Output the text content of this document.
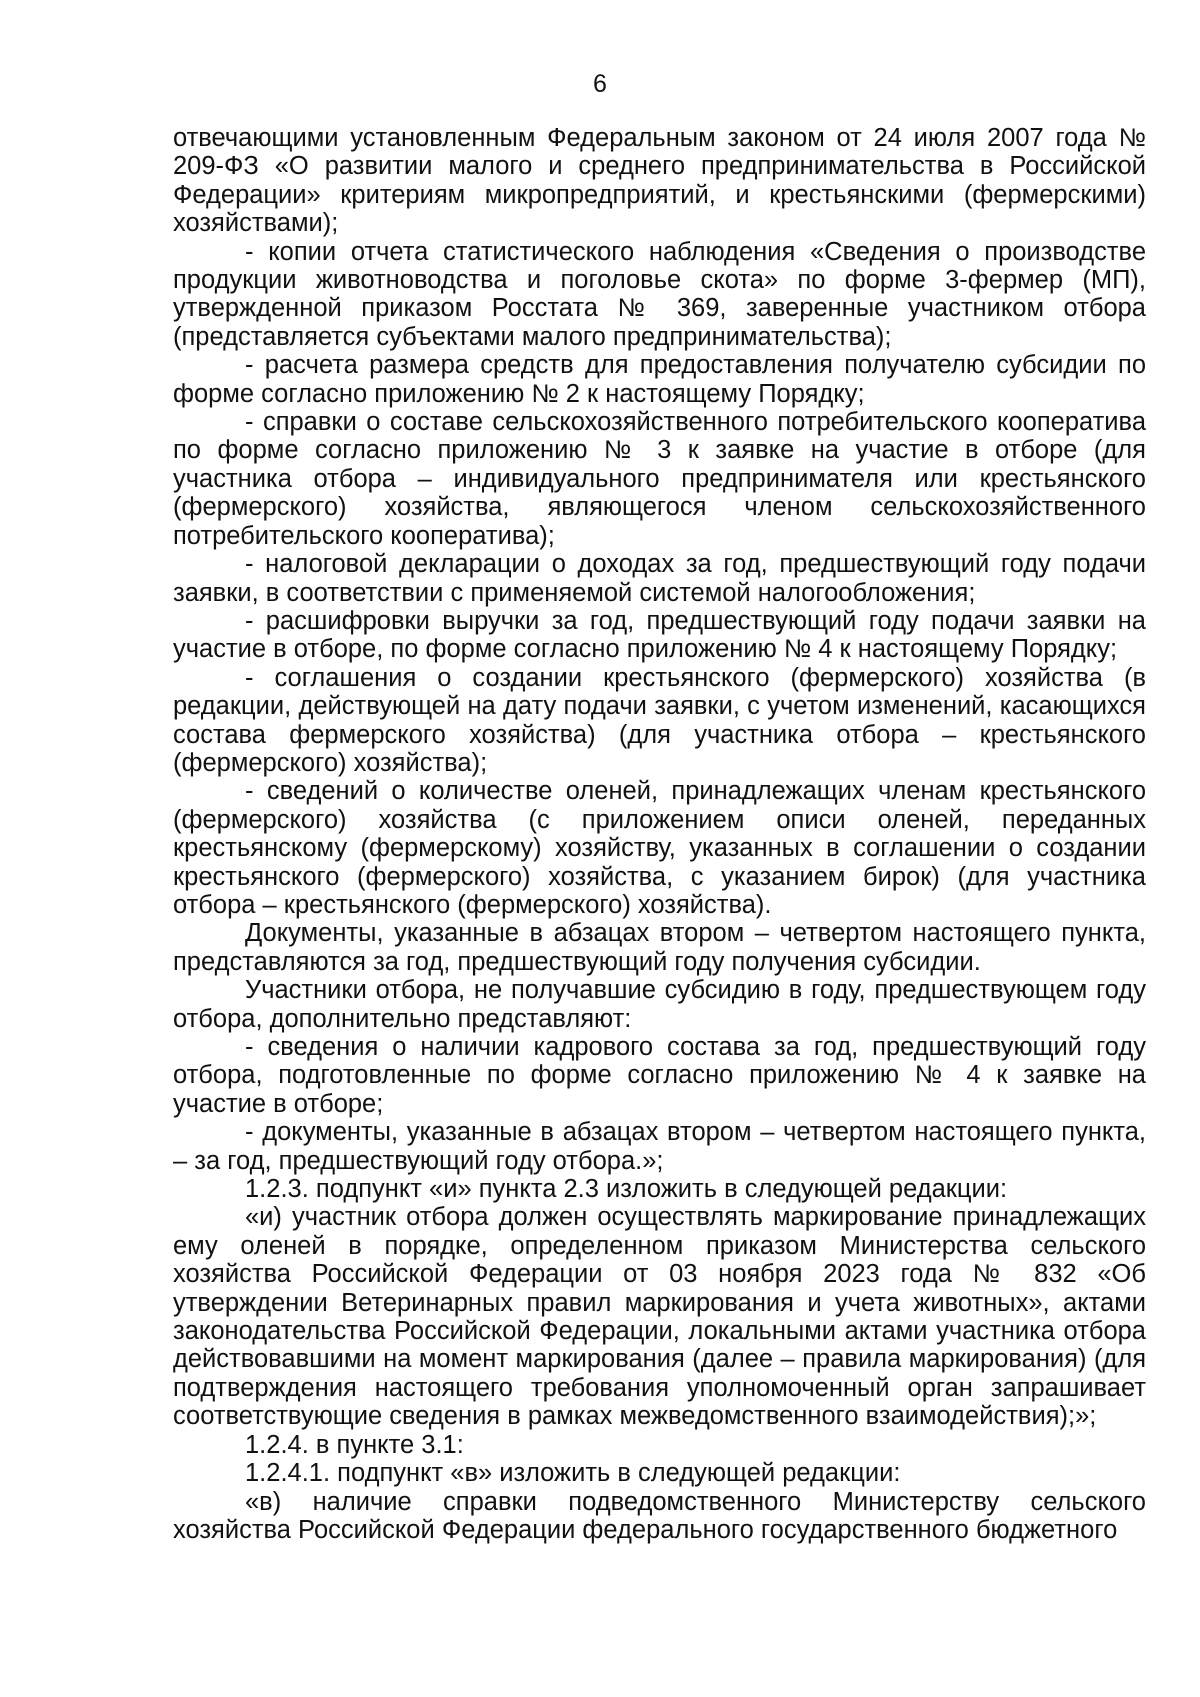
6

отвечающими установленным Федеральным законом от 24 июля 2007 года № 209-ФЗ «О развитии малого и среднего предпринимательства в Российской Федерации» критериям микропредприятий, и крестьянскими (фермерскими) хозяйствами);

- копии отчета статистического наблюдения «Сведения о производстве продукции животноводства и поголовье скота» по форме 3-фермер (МП), утвержденной приказом Росстата № 369, заверенные участником отбора (представляется субъектами малого предпринимательства);

- расчета размера средств для предоставления получателю субсидии по форме согласно приложению № 2 к настоящему Порядку;

- справки о составе сельскохозяйственного потребительского кооператива по форме согласно приложению № 3 к заявке на участие в отборе (для участника отбора – индивидуального предпринимателя или крестьянского (фермерского) хозяйства, являющегося членом сельскохозяйственного потребительского кооператива);

- налоговой декларации о доходах за год, предшествующий году подачи заявки, в соответствии с применяемой системой налогообложения;

- расшифровки выручки за год, предшествующий году подачи заявки на участие в отборе, по форме согласно приложению № 4 к настоящему Порядку;

- соглашения о создании крестьянского (фермерского) хозяйства (в редакции, действующей на дату подачи заявки, с учетом изменений, касающихся состава фермерского хозяйства) (для участника отбора – крестьянского (фермерского) хозяйства);

- сведений о количестве оленей, принадлежащих членам крестьянского (фермерского) хозяйства (с приложением описи оленей, переданных крестьянскому (фермерскому) хозяйству, указанных в соглашении о создании крестьянского (фермерского) хозяйства, с указанием бирок) (для участника отбора – крестьянского (фермерского) хозяйства).

Документы, указанные в абзацах втором – четвертом настоящего пункта, представляются за год, предшествующий году получения субсидии.

Участники отбора, не получавшие субсидию в году, предшествующем году отбора, дополнительно представляют:

- сведения о наличии кадрового состава за год, предшествующий году отбора, подготовленные по форме согласно приложению № 4 к заявке на участие в отборе;

- документы, указанные в абзацах втором – четвертом настоящего пункта, – за год, предшествующий году отбора.»;

1.2.3. подпункт «и» пункта 2.3 изложить в следующей редакции:

«и) участник отбора должен осуществлять маркирование принадлежащих ему оленей в порядке, определенном приказом Министерства сельского хозяйства Российской Федерации от 03 ноября 2023 года № 832 «Об утверждении Ветеринарных правил маркирования и учета животных», актами законодательства Российской Федерации, локальными актами участника отбора действовавшими на момент маркирования (далее – правила маркирования) (для подтверждения настоящего требования уполномоченный орган запрашивает соответствующие сведения в рамках межведомственного взаимодействия);»;

1.2.4. в пункте 3.1:

1.2.4.1. подпункт «в» изложить в следующей редакции:

«в) наличие справки подведомственного Министерству сельского хозяйства Российской Федерации федерального государственного бюджетного
